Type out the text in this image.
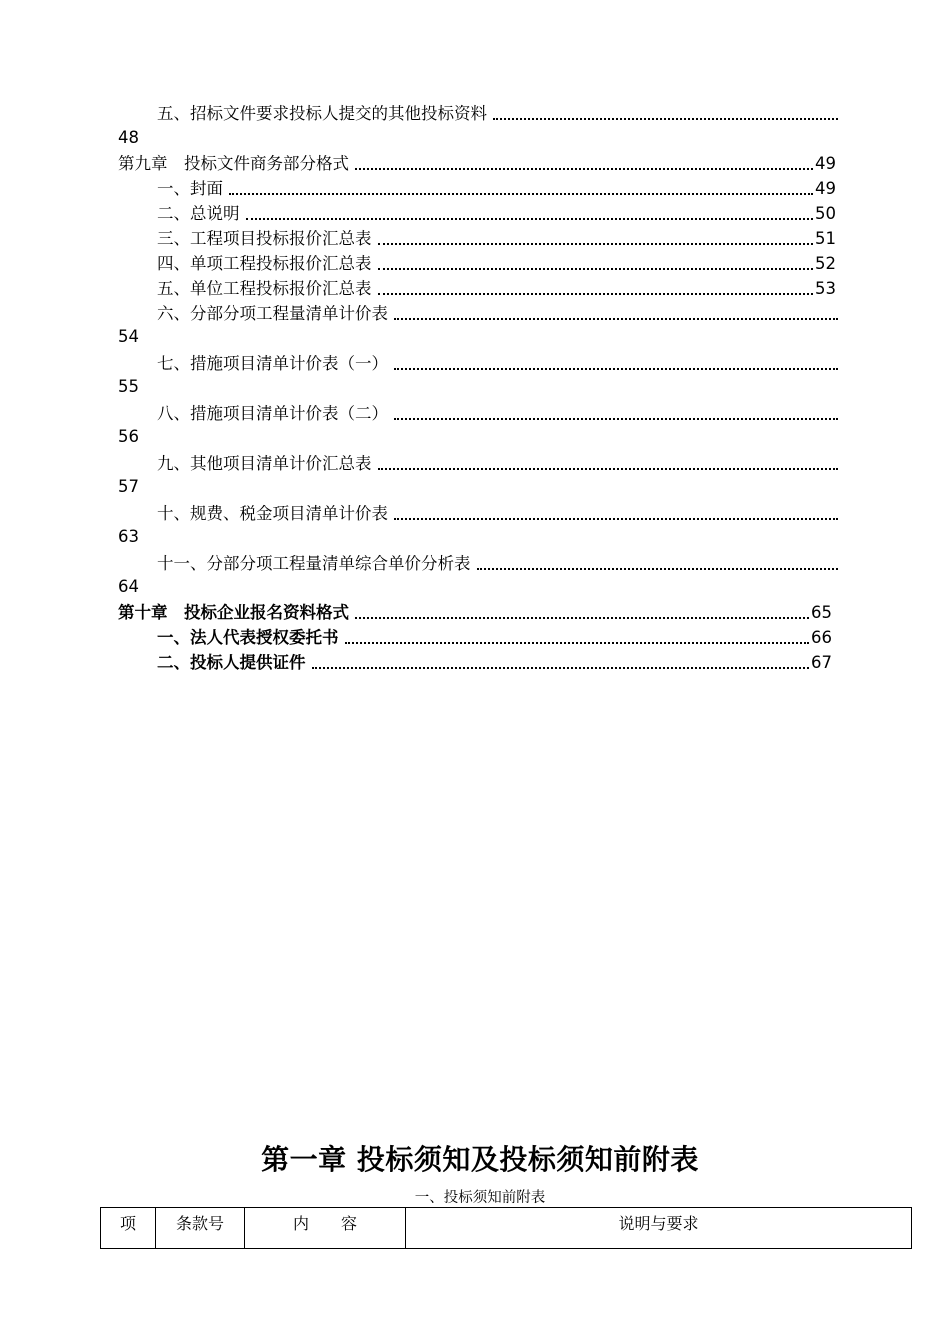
五、招标文件要求投标人提交的其他投标资料
48
第九章　投标文件商务部分格式	49
一、封面	49
二、总说明	50
三、工程项目投标报价汇总表	51
四、单项工程投标报价汇总表	52
五、单位工程投标报价汇总表	53
六、分部分项工程量清单计价表
54
七、措施项目清单计价表（一）
55
八、措施项目清单计价表（二）
56
九、其他项目清单计价汇总表
57
十、规费、税金项目清单计价表
63
十一、分部分项工程量清单综合单价分析表
64
第十章　投标企业报名资料格式	65
一、法人代表授权委托书	66
二、投标人提供证件	67
第一章 投标须知及投标须知前附表
一、投标须知前附表
项	条款号	内　　容	说明与要求
